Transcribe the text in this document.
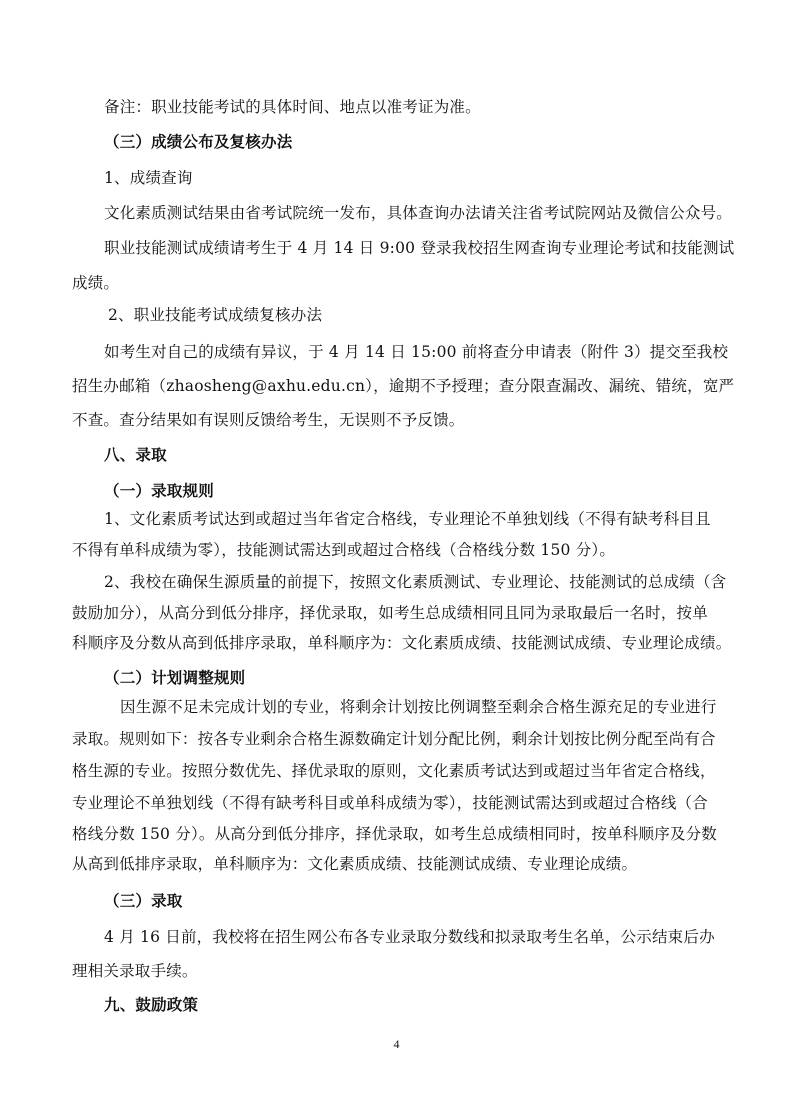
备注：职业技能考试的具体时间、地点以准考证为准。
（三）成绩公布及复核办法
1、成绩查询
文化素质测试结果由省考试院统一发布，具体查询办法请关注省考试院网站及微信公众号。
职业技能测试成绩请考生于 4 月 14 日 9:00 登录我校招生网查询专业理论考试和技能测试
成绩。
2、职业技能考试成绩复核办法
如考生对自己的成绩有异议，于 4 月 14 日 15:00 前将查分申请表（附件 3）提交至我校
招生办邮箱（zhaosheng@axhu.edu.cn），逾期不予授理；查分限查漏改、漏统、错统，宽严
不查。查分结果如有误则反馈给考生，无误则不予反馈。
八、录取
（一）录取规则
1、文化素质考试达到或超过当年省定合格线，专业理论不单独划线（不得有缺考科目且
不得有单科成绩为零），技能测试需达到或超过合格线（合格线分数 150 分）。
2、我校在确保生源质量的前提下，按照文化素质测试、专业理论、技能测试的总成绩（含
鼓励加分），从高分到低分排序，择优录取，如考生总成绩相同且同为录取最后一名时，按单
科顺序及分数从高到低排序录取，单科顺序为：文化素质成绩、技能测试成绩、专业理论成绩。
（二）计划调整规则
因生源不足未完成计划的专业，将剩余计划按比例调整至剩余合格生源充足的专业进行
录取。规则如下：按各专业剩余合格生源数确定计划分配比例，剩余计划按比例分配至尚有合
格生源的专业。按照分数优先、择优录取的原则，文化素质考试达到或超过当年省定合格线，
专业理论不单独划线（不得有缺考科目或单科成绩为零），技能测试需达到或超过合格线（合
格线分数 150 分）。从高分到低分排序，择优录取，如考生总成绩相同时，按单科顺序及分数
从高到低排序录取，单科顺序为：文化素质成绩、技能测试成绩、专业理论成绩。
（三）录取
4 月 16 日前，我校将在招生网公布各专业录取分数线和拟录取考生名单，公示结束后办
理相关录取手续。
九、鼓励政策
4
